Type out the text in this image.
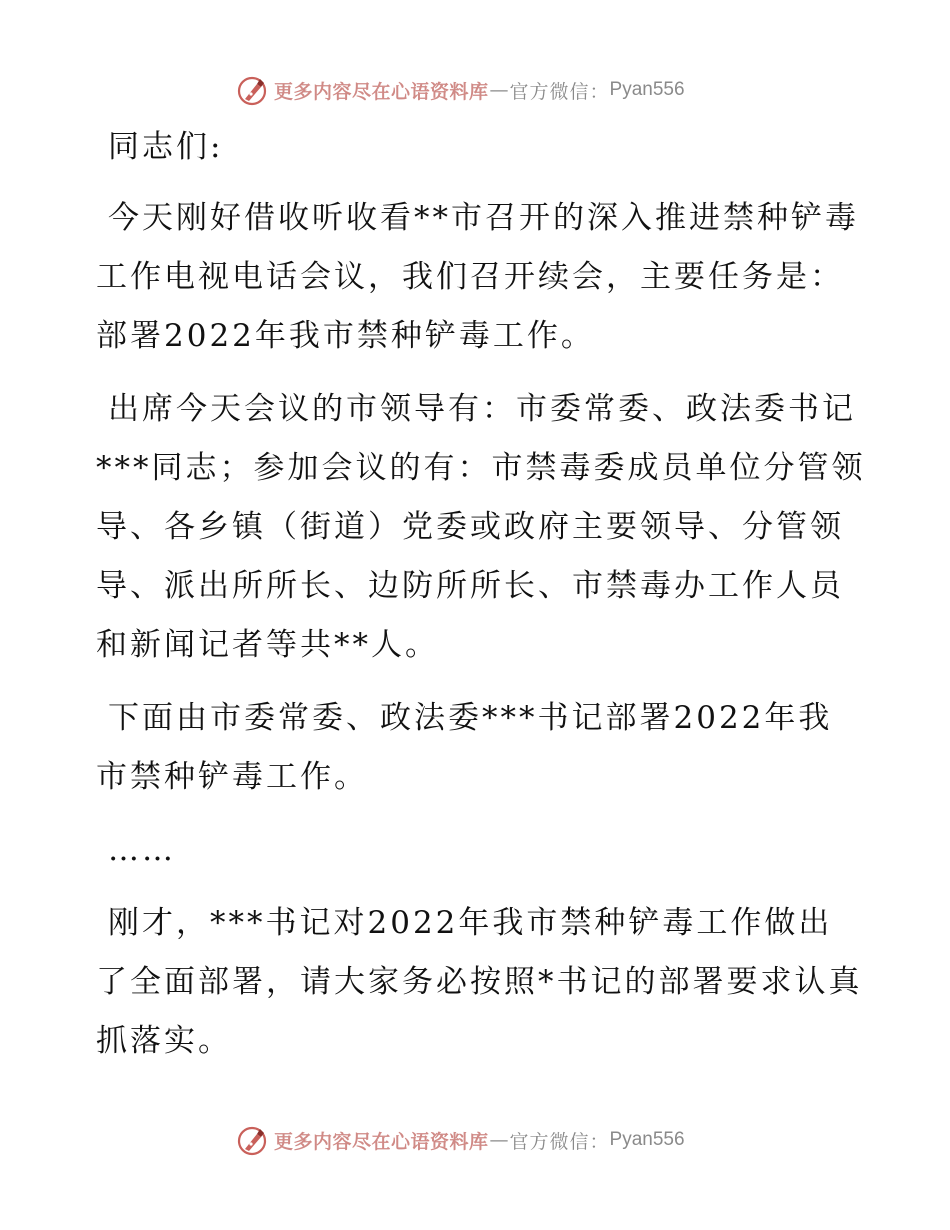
更多内容尽在心语资料库 — 官方微信： Pyan556

同志们:

今天刚好借收听收看**市召开的深入推进禁种铲毒工作电视电话会议，我们召开续会，主要任务是：部署2022年我市禁种铲毒工作。

出席今天会议的市领导有：市委常委、政法委书记***同志；参加会议的有：市禁毒委成员单位分管领导、各乡镇（街道）党委或政府主要领导、分管领导、派出所所长、边防所所长、市禁毒办工作人员和新闻记者等共**人。

下面由市委常委、政法委***书记部署2022年我市禁种铲毒工作。

……

刚才，***书记对2022年我市禁种铲毒工作做出了全面部署，请大家务必按照*书记的部署要求认真抓落实。

更多内容尽在心语资料库 — 官方微信： Pyan556
